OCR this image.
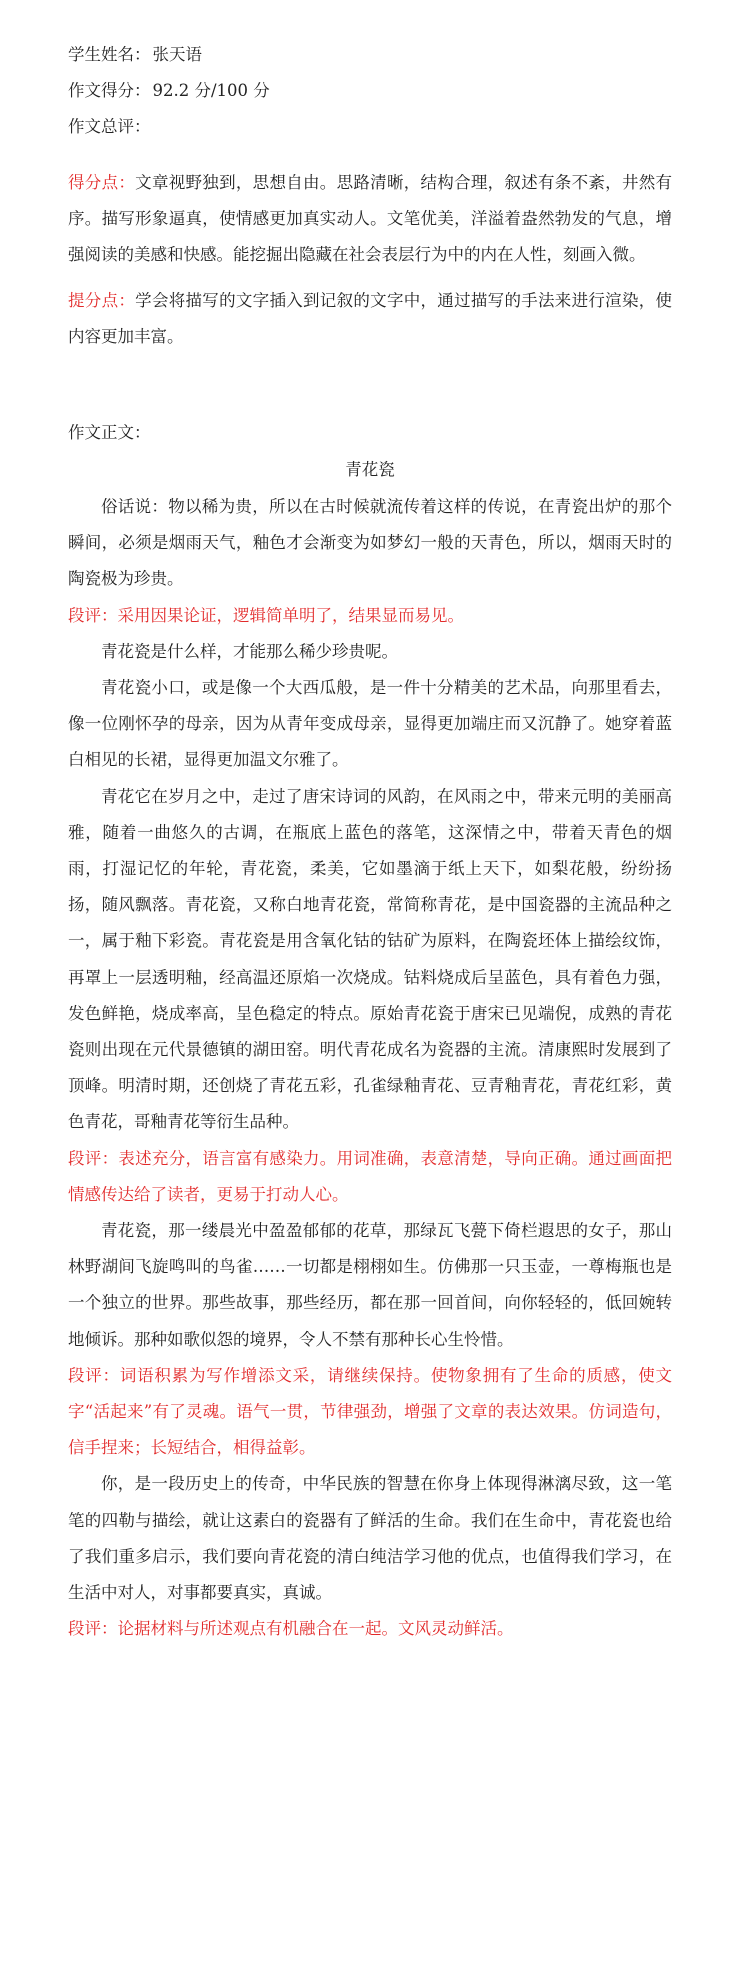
学生姓名： 张天语
作文得分： 92.2 分/100 分
作文总评：
得分点：文章视野独到，思想自由。思路清晰，结构合理，叙述有条不紊，井然有序。描写形象逼真，使情感更加真实动人。文笔优美，洋溢着盎然勃发的气息，增强阅读的美感和快感。能挖掘出隐藏在社会表层行为中的内在人性，刻画入微。
提分点：学会将描写的文字插入到记叙的文字中，通过描写的手法来进行渲染，使内容更加丰富。
作文正文：
青花瓷

俗话说：物以稀为贵，所以在古时候就流传着这样的传说，在青瓷出炉的那个瞬间，必须是烟雨天气，釉色才会渐变为如梦幻一般的天青色，所以，烟雨天时的陶瓷极为珍贵。

段评：采用因果论证，逻辑简单明了，结果显而易见。

青花瓷是什么样，才能那么稀少珍贵呢。

青花瓷小口，或是像一个大西瓜般，是一件十分精美的艺术品，向那里看去，像一位刚怀孕的母亲，因为从青年变成母亲，显得更加端庄而又沉静了。她穿着蓝白相见的长裙，显得更加温文尔雅了。

青花它在岁月之中，走过了唐宋诗词的风韵，在风雨之中，带来元明的美丽高雅，随着一曲悠久的古调，在瓶底上蓝色的落笔，这深情之中，带着天青色的烟雨，打湿记忆的年轮，青花瓷，柔美，它如墨滴于纸上天下，如梨花般，纷纷扬扬，随风飘落。青花瓷，又称白地青花瓷，常简称青花，是中国瓷器的主流品种之一，属于釉下彩瓷。青花瓷是用含氧化钴的钴矿为原料，在陶瓷坯体上描绘纹饰，再罩上一层透明釉，经高温还原焰一次烧成。钴料烧成后呈蓝色，具有着色力强，发色鲜艳，烧成率高，呈色稳定的特点。原始青花瓷于唐宋已见端倪，成熟的青花瓷则出现在元代景德镇的湖田窑。明代青花成名为瓷器的主流。清康熙时发展到了顶峰。明清时期，还创烧了青花五彩，孔雀绿釉青花、豆青釉青花，青花红彩，黄色青花，哥釉青花等衍生品种。

段评：表述充分，语言富有感染力。用词准确，表意清楚，导向正确。通过画面把情感传达给了读者，更易于打动人心。

青花瓷，那一缕晨光中盈盈郁郁的花草，那绿瓦飞甍下倚栏遐思的女子，那山林野湖间飞旋鸣叫的鸟雀……一切都是栩栩如生。仿佛那一只玉壶，一尊梅瓶也是一个独立的世界。那些故事，那些经历，都在那一回首间，向你轻轻的，低回婉转地倾诉。那种如歌似怨的境界，令人不禁有那种长心生怜惜。

段评：词语积累为写作增添文采，请继续保持。使物象拥有了生命的质感，使文字“活起来”有了灵魂。语气一贯，节律强劲，增强了文章的表达效果。仿词造句，信手捏来；长短结合，相得益彰。

你，是一段历史上的传奇，中华民族的智慧在你身上体现得淋漓尽致，这一笔笔的四勒与描绘，就让这素白的瓷器有了鲜活的生命。我们在生命中，青花瓷也给了我们重多启示，我们要向青花瓷的清白纯洁学习他的优点，也值得我们学习，在生活中对人，对事都要真实，真诚。

段评：论据材料与所述观点有机融合在一起。文风灵动鲜活。
